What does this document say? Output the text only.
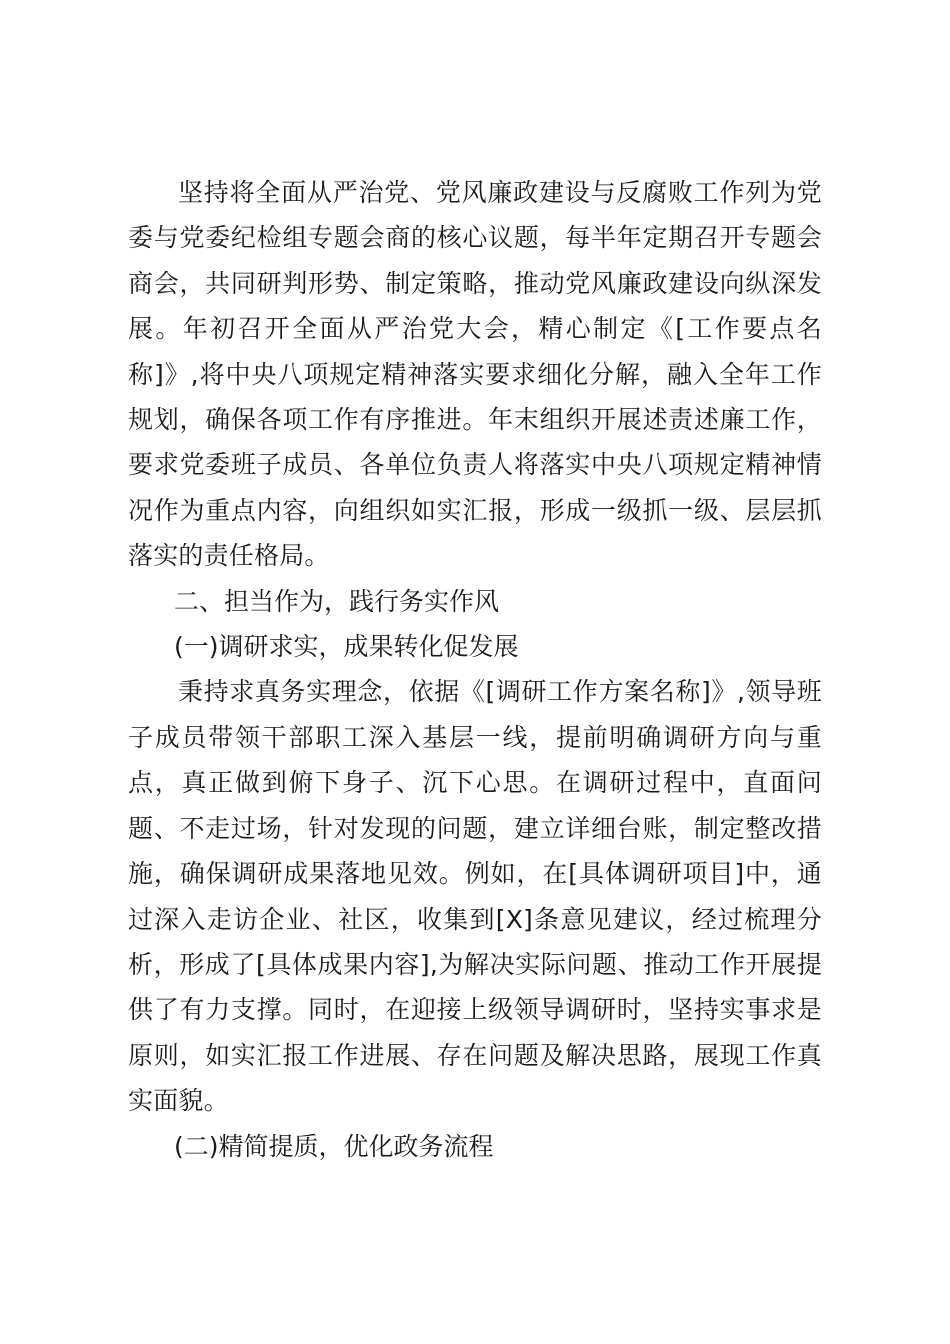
坚持将全面从严治党、党风廉政建设与反腐败工作列为党委与党委纪检组专题会商的核心议题，每半年定期召开专题会商会，共同研判形势、制定策略，推动党风廉政建设向纵深发展。年初召开全面从严治党大会，精心制定《[工作要点名称]》,将中央八项规定精神落实要求细化分解，融入全年工作规划，确保各项工作有序推进。年末组织开展述责述廉工作，要求党委班子成员、各单位负责人将落实中央八项规定精神情况作为重点内容，向组织如实汇报，形成一级抓一级、层层抓落实的责任格局。

二、担当作为，践行务实作风

(一)调研求实，成果转化促发展

秉持求真务实理念，依据《[调研工作方案名称]》,领导班子成员带领干部职工深入基层一线，提前明确调研方向与重点，真正做到俯下身子、沉下心思。在调研过程中，直面问题、不走过场，针对发现的问题，建立详细台账，制定整改措施，确保调研成果落地见效。例如，在[具体调研项目]中，通过深入走访企业、社区，收集到[X]条意见建议，经过梳理分析，形成了[具体成果内容],为解决实际问题、推动工作开展提供了有力支撑。同时，在迎接上级领导调研时，坚持实事求是原则，如实汇报工作进展、存在问题及解决思路，展现工作真实面貌。

(二)精简提质，优化政务流程
